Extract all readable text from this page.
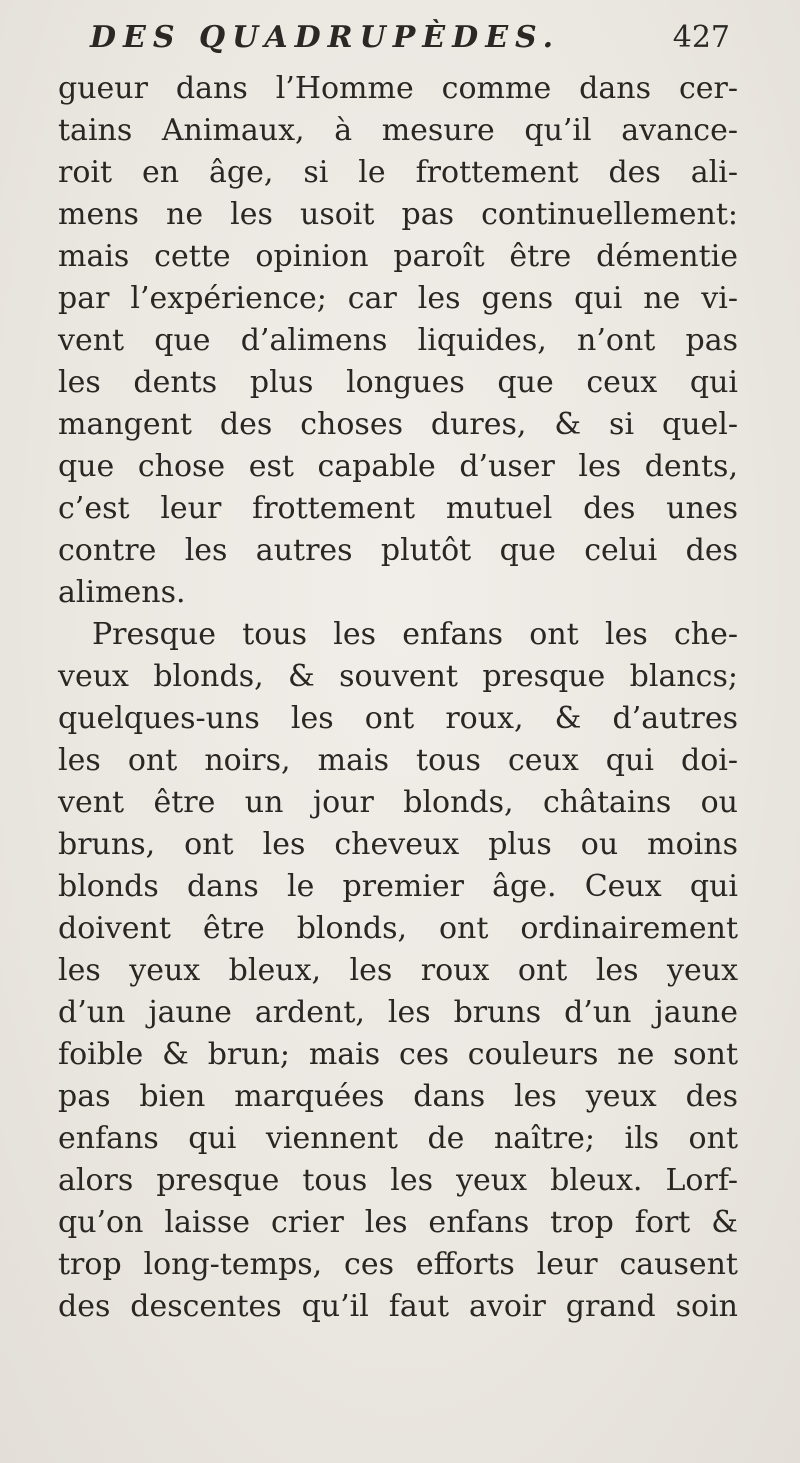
DES QUADRUPÈDES.	427
gueur dans l’Homme comme dans cer-
tains Animaux, à mesure qu’il avance-
roit en âge, si le frottement des ali-
mens ne les usoit pas continuellement:
mais cette opinion paroît être démentie
par l’expérience; car les gens qui ne vi-
vent que d’alimens liquides, n’ont pas
les dents plus longues que ceux qui
mangent des choses dures, & si quel-
que chose est capable d’user les dents,
c’est leur frottement mutuel des unes
contre les autres plutôt que celui des
alimens.
Presque tous les enfans ont les che-
veux blonds, & souvent presque blancs;
quelques-uns les ont roux, & d’autres
les ont noirs, mais tous ceux qui doi-
vent être un jour blonds, châtains ou
bruns, ont les cheveux plus ou moins
blonds dans le premier âge. Ceux qui
doivent être blonds, ont ordinairement
les yeux bleux, les roux ont les yeux
d’un jaune ardent, les bruns d’un jaune
foible & brun; mais ces couleurs ne sont
pas bien marquées dans les yeux des
enfans qui viennent de naître; ils ont
alors presque tous les yeux bleux. Lorf-
qu’on laisse crier les enfans trop fort &
trop long-temps, ces efforts leur causent
des descentes qu’il faut avoir grand soin
